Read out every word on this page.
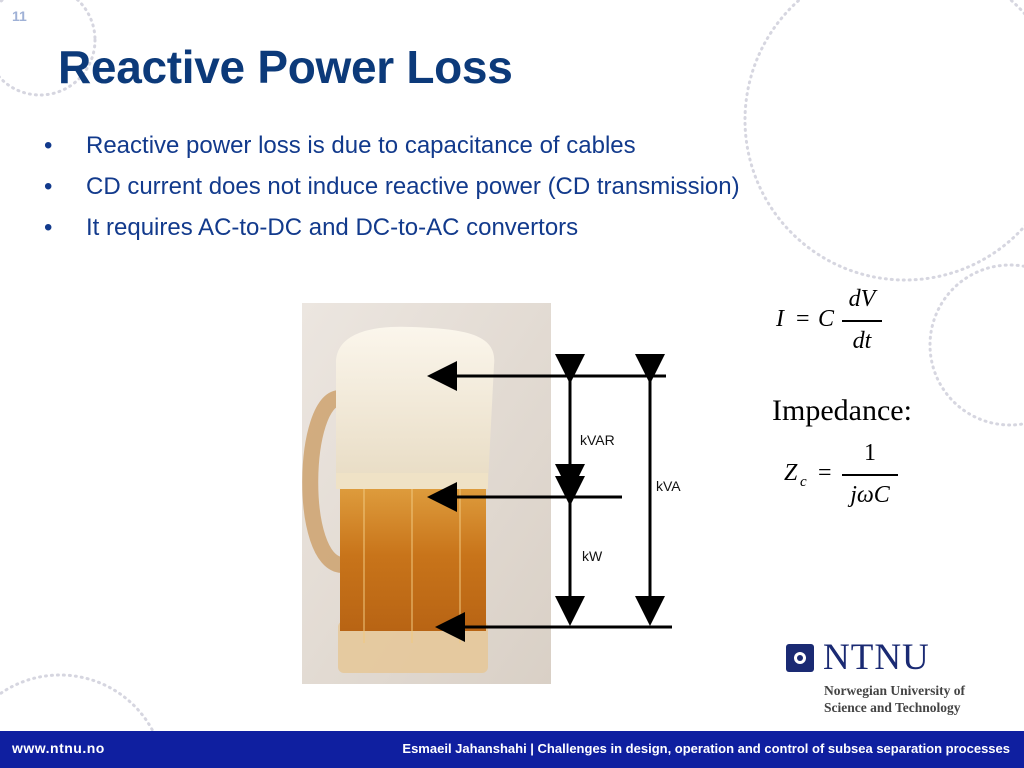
11
Reactive Power Loss
•	Reactive power loss is due to capacitance of cables
•	CD current does not induce reactive power (CD transmission)
•	It requires AC-to-DC and DC-to-AC convertors
kVAR
kVA
kW
I = C
dV
dt
Impedance:
Z c =
1
jωC
NTNU
Norwegian University of
Science and Technology
www.ntnu.no	Esmaeil Jahanshahi | Challenges in design, operation and control of subsea separation processes
